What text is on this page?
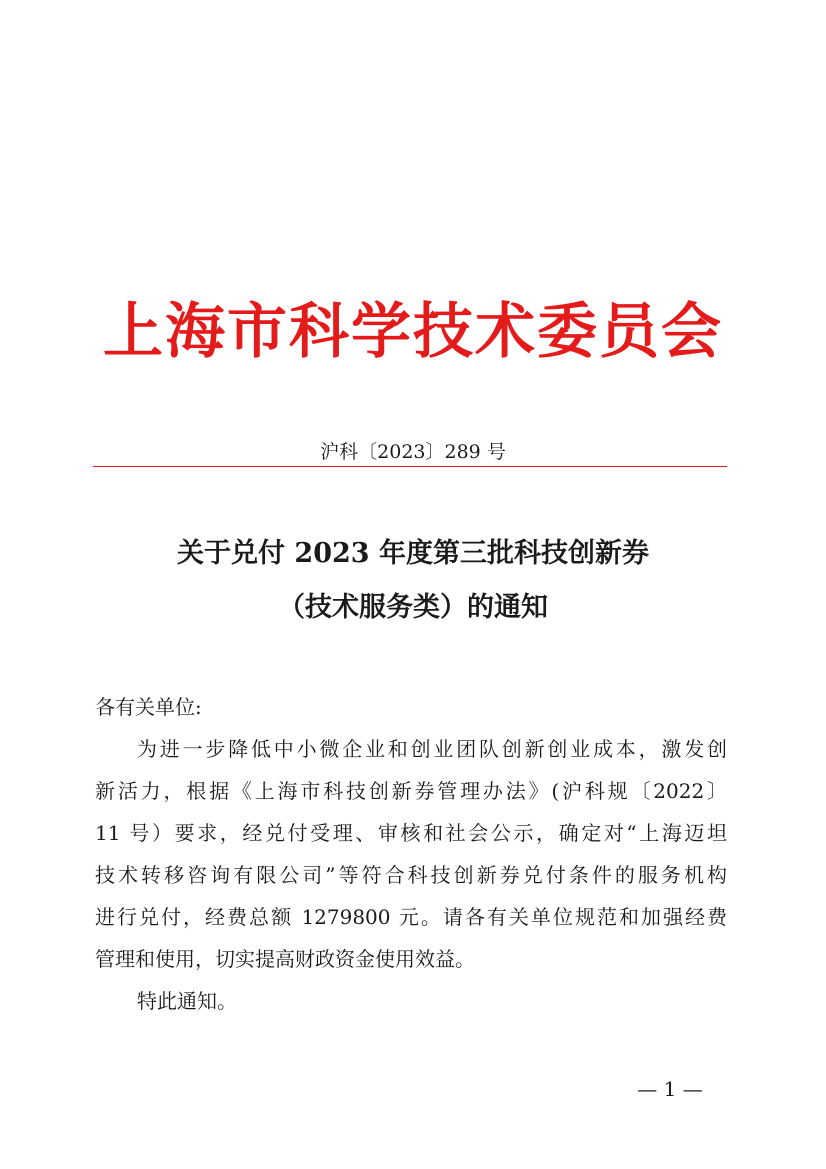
上海市科学技术委员会
沪科〔2023〕289 号
关于兑付 2023 年度第三批科技创新券
（技术服务类）的通知
各有关单位:
为进一步降低中小微企业和创业团队创新创业成本，激发创
新活力，根据《上海市科技创新券管理办法》(沪科规〔2022〕
11 号）要求，经兑付受理、审核和社会公示，确定对“上海迈坦
技术转移咨询有限公司”等符合科技创新券兑付条件的服务机构
进行兑付，经费总额 1279800 元。请各有关单位规范和加强经费
管理和使用，切实提高财政资金使用效益。
特此通知。
— 1 —
